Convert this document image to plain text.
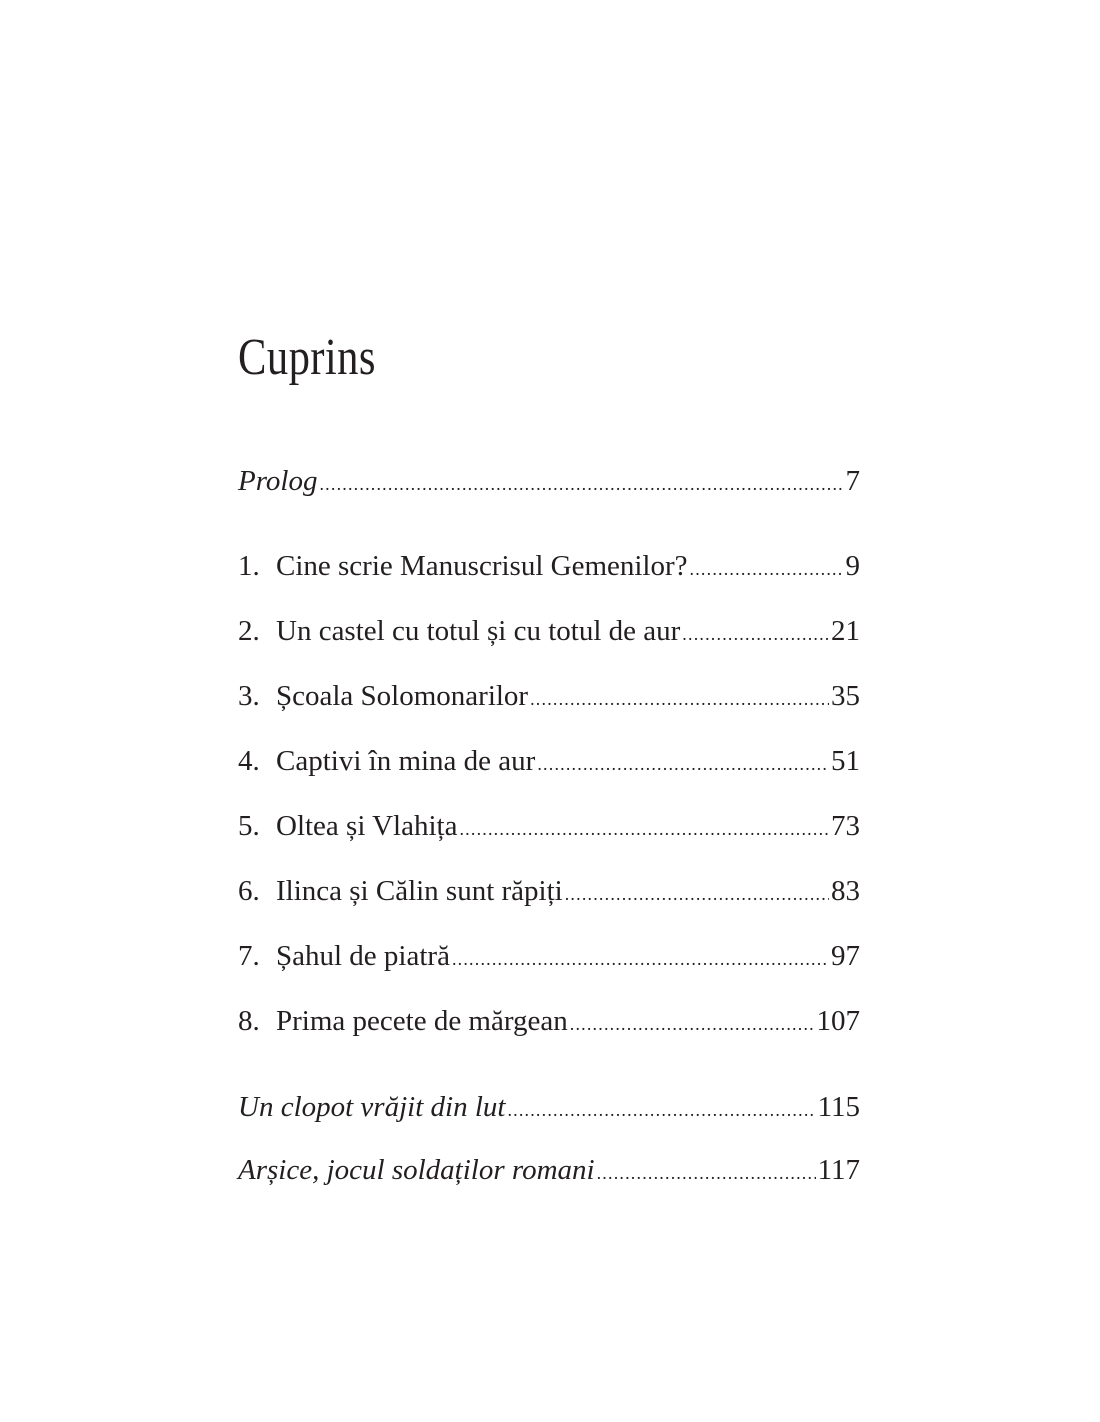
Cuprins
Prolog .....	7
1. Cine scrie Manuscrisul Gemenilor? .....	9
2. Un castel cu totul și cu totul de aur .....	21
3. Școala Solomonarilor .....	35
4. Captivi în mina de aur .....	51
5. Oltea și Vlahița .....	73
6. Ilinca și Călin sunt răpiți .....	83
7. Șahul de piatră .....	97
8. Prima pecete de mărgean .....	107
Un clopot vrăjit din lut .....	115
Arșice, jocul soldaților romani .....	117
